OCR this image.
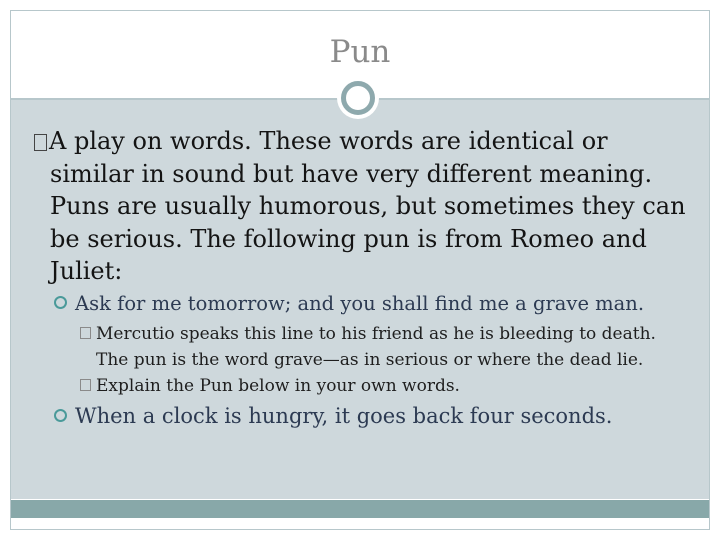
Pun
A play on words. These words are identical or
similar in sound but have very different meaning.
Puns are usually humorous, but sometimes they can
be serious. The following pun is from Romeo and
Juliet:
Ask for me tomorrow; and you shall find me a grave man.
Mercutio speaks this line to his friend as he is bleeding to death.
The pun is the word grave—as in serious or where the dead lie.
Explain the Pun below in your own words.
When a clock is hungry, it goes back four seconds.
